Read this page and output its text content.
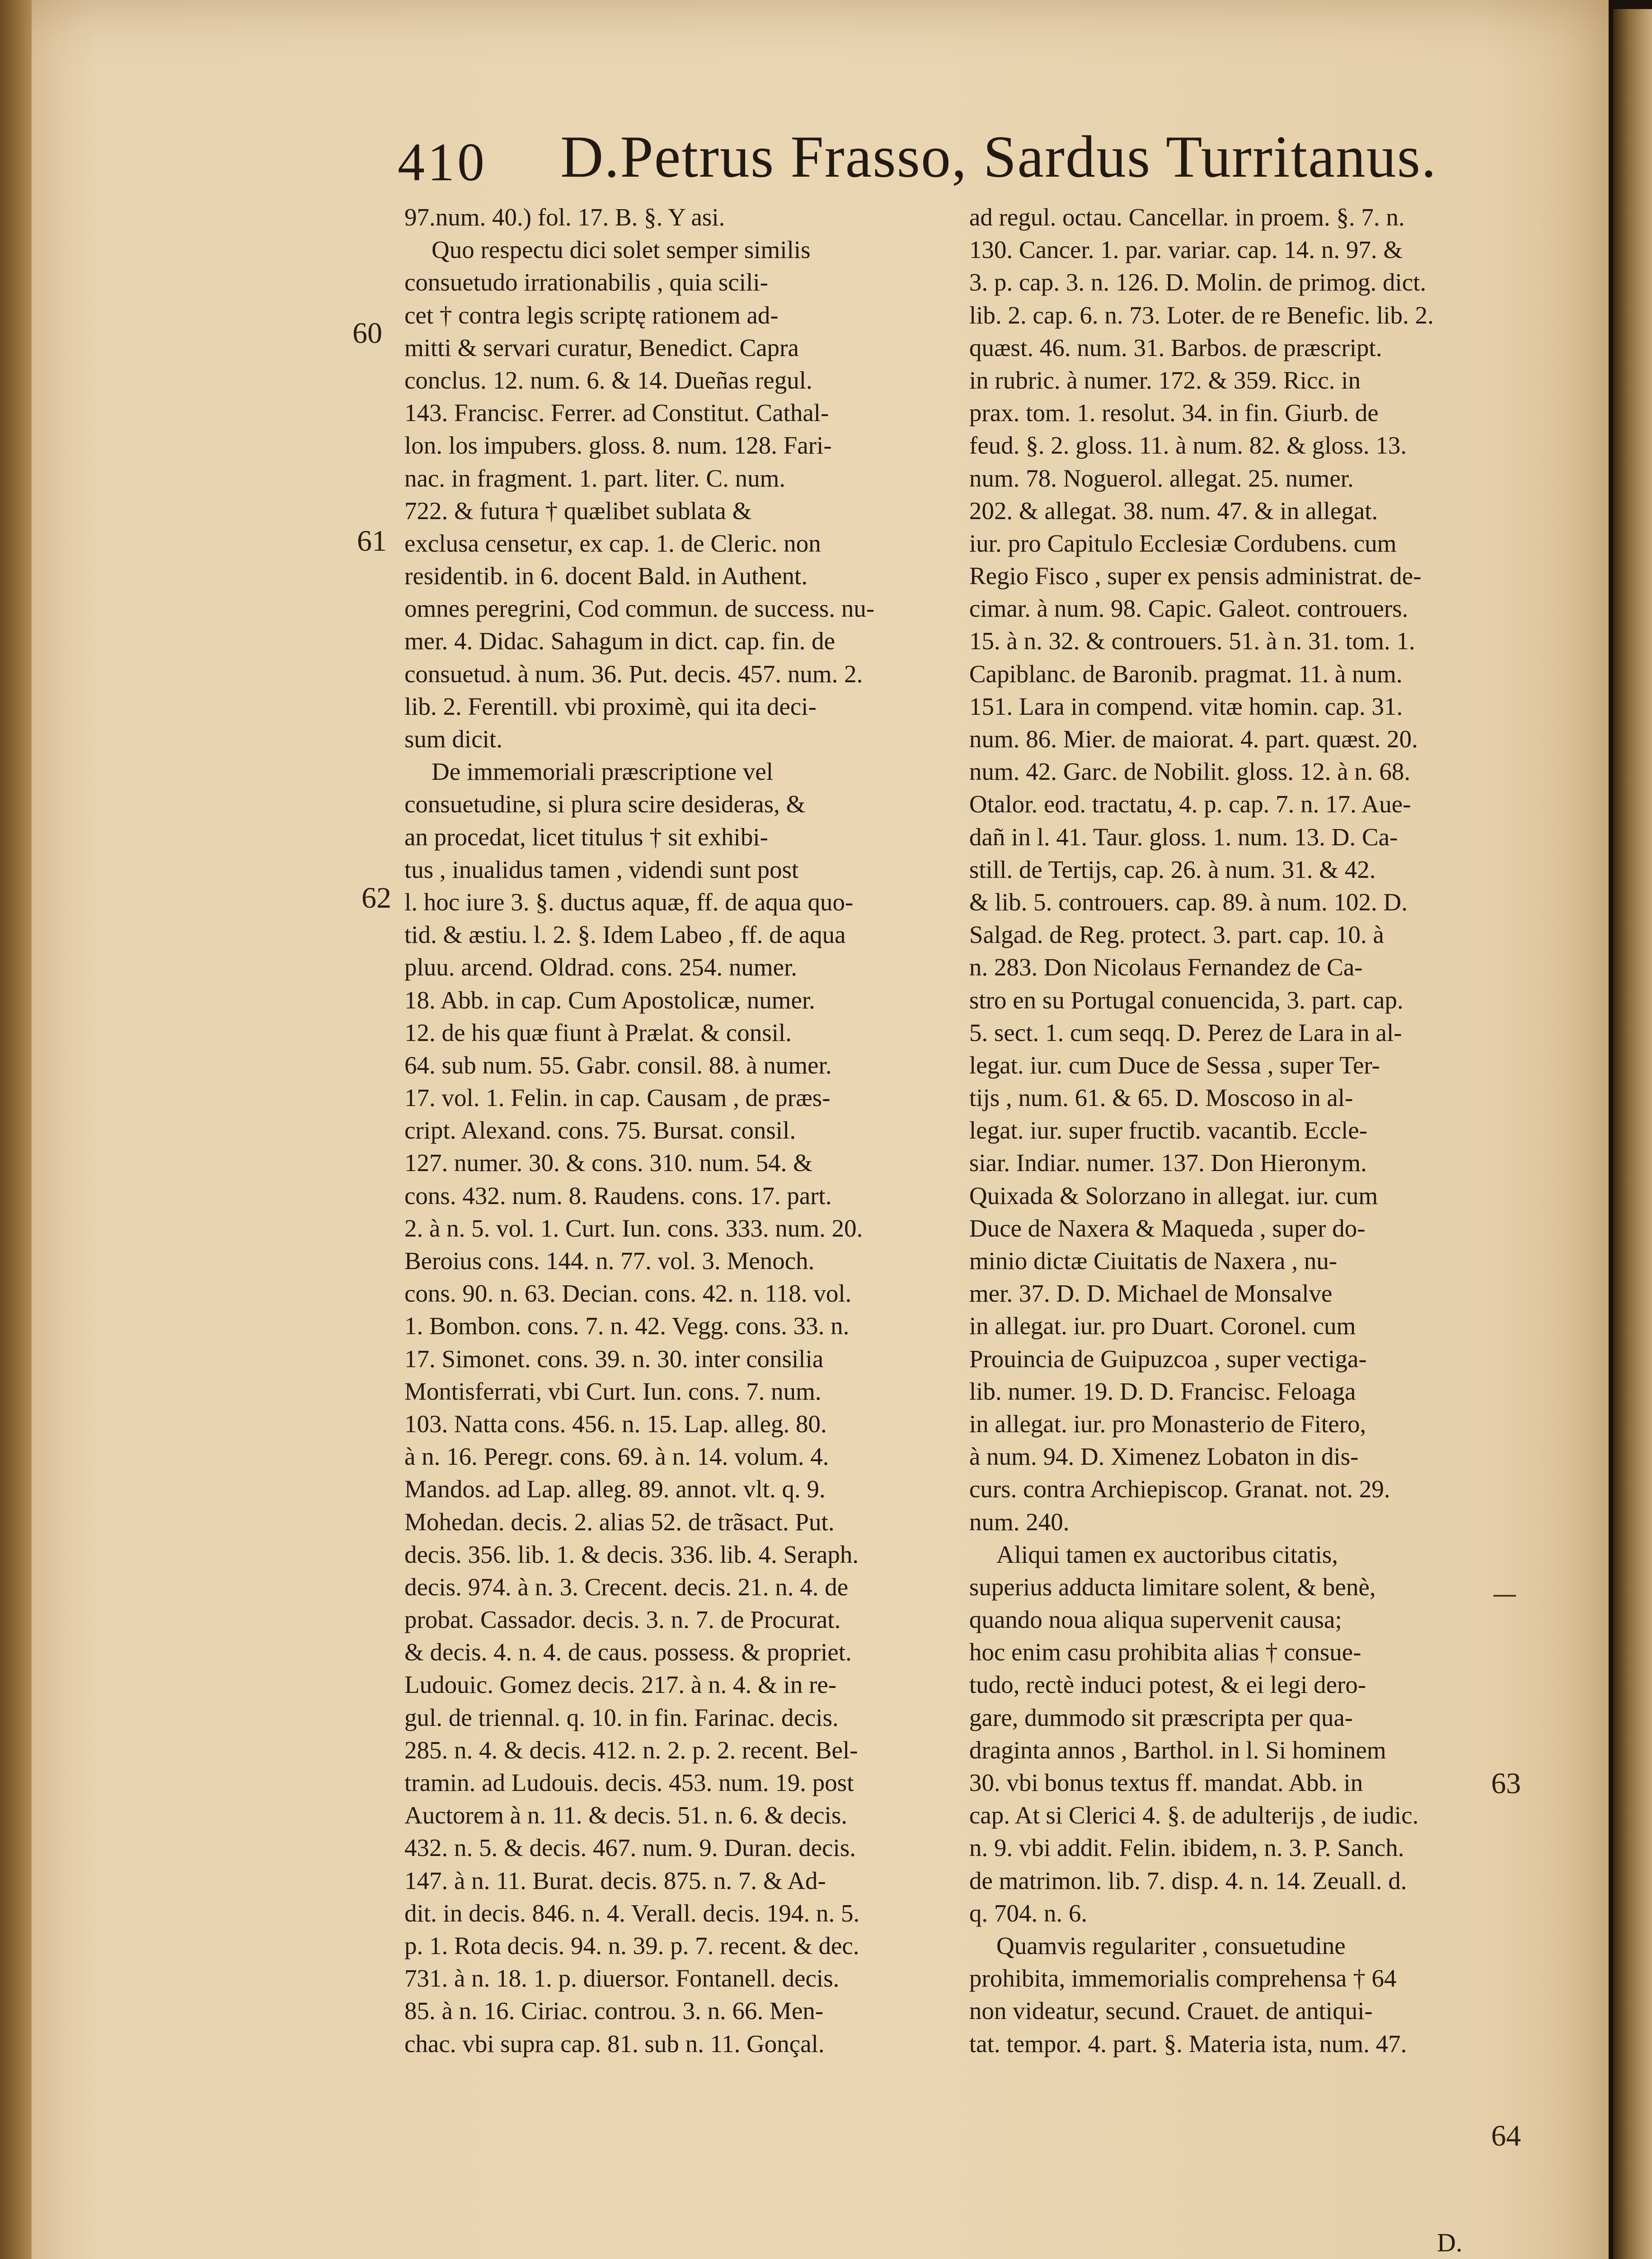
410 D.Petrus Frasso, Sardus Turritanus.
60
61
62
63
64
97.num. 40.) fol. 17. B. §. Y asi.
Quo respectu dici solet semper similis
consuetudo irrationabilis , quia scili-
cet † contra legis scriptę rationem ad-
mitti & servari curatur, Benedict. Capra
conclus. 12. num. 6. & 14. Dueñas regul.
143. Francisc. Ferrer. ad Constitut. Cathal-
lon. los impubers. gloss. 8. num. 128. Fari-
nac. in fragment. 1. part. liter. C. num.
722. & futura † quælibet sublata &
exclusa censetur, ex cap. 1. de Cleric. non
residentib. in 6. docent Bald. in Authent.
omnes peregrini, Cod commun. de success. nu-
mer. 4. Didac. Sahagum in dict. cap. fin. de
consuetud. à num. 36. Put. decis. 457. num. 2.
lib. 2. Ferentill. vbi proximè, qui ita deci-
sum dicit.
De immemoriali præscriptione vel
consuetudine, si plura scire desideras, &
an procedat, licet titulus † sit exhibi-
tus , inualidus tamen , videndi sunt post
l. hoc iure 3. §. ductus aquæ, ff. de aqua quo-
tid. & æstiu. l. 2. §. Idem Labeo , ff. de aqua
pluu. arcend. Oldrad. cons. 254. numer.
18. Abb. in cap. Cum Apostolicæ, numer.
12. de his quæ fiunt à Prælat. & consil.
64. sub num. 55. Gabr. consil. 88. à numer.
17. vol. 1. Felin. in cap. Causam , de præs-
cript. Alexand. cons. 75. Bursat. consil.
127. numer. 30. & cons. 310. num. 54. &
cons. 432. num. 8. Raudens. cons. 17. part.
2. à n. 5. vol. 1. Curt. Iun. cons. 333. num. 20.
Beroius cons. 144. n. 77. vol. 3. Menoch.
cons. 90. n. 63. Decian. cons. 42. n. 118. vol.
1. Bombon. cons. 7. n. 42. Vegg. cons. 33. n.
17. Simonet. cons. 39. n. 30. inter consilia
Montisferrati, vbi Curt. Iun. cons. 7. num.
103. Natta cons. 456. n. 15. Lap. alleg. 80.
à n. 16. Peregr. cons. 69. à n. 14. volum. 4.
Mandos. ad Lap. alleg. 89. annot. vlt. q. 9.
Mohedan. decis. 2. alias 52. de trãsact. Put.
decis. 356. lib. 1. & decis. 336. lib. 4. Seraph.
decis. 974. à n. 3. Crecent. decis. 21. n. 4. de
probat. Cassador. decis. 3. n. 7. de Procurat.
& decis. 4. n. 4. de caus. possess. & propriet.
Ludouic. Gomez decis. 217. à n. 4. & in re-
gul. de triennal. q. 10. in fin. Farinac. decis.
285. n. 4. & decis. 412. n. 2. p. 2. recent. Bel-
tramin. ad Ludouis. decis. 453. num. 19. post
Auctorem à n. 11. & decis. 51. n. 6. & decis.
432. n. 5. & decis. 467. num. 9. Duran. decis.
147. à n. 11. Burat. decis. 875. n. 7. & Ad-
dit. in decis. 846. n. 4. Verall. decis. 194. n. 5.
p. 1. Rota decis. 94. n. 39. p. 7. recent. & dec.
731. à n. 18. 1. p. diuersor. Fontanell. decis.
85. à n. 16. Ciriac. controu. 3. n. 66. Men-
chac. vbi supra cap. 81. sub n. 11. Gonçal.
ad regul. octau. Cancellar. in proem. §. 7. n.
130. Cancer. 1. par. variar. cap. 14. n. 97. &
3. p. cap. 3. n. 126. D. Molin. de primog. dict.
lib. 2. cap. 6. n. 73. Loter. de re Benefic. lib. 2.
quæst. 46. num. 31. Barbos. de præscript.
in rubric. à numer. 172. & 359. Ricc. in
prax. tom. 1. resolut. 34. in fin. Giurb. de
feud. §. 2. gloss. 11. à num. 82. & gloss. 13.
num. 78. Noguerol. allegat. 25. numer.
202. & allegat. 38. num. 47. & in allegat.
iur. pro Capitulo Ecclesiæ Cordubens. cum
Regio Fisco , super ex pensis administrat. de-
cimar. à num. 98. Capic. Galeot. controuers.
15. à n. 32. & controuers. 51. à n. 31. tom. 1.
Capiblanc. de Baronib. pragmat. 11. à num.
151. Lara in compend. vitæ homin. cap. 31.
num. 86. Mier. de maiorat. 4. part. quæst. 20.
num. 42. Garc. de Nobilit. gloss. 12. à n. 68.
Otalor. eod. tractatu, 4. p. cap. 7. n. 17. Aue-
dañ in l. 41. Taur. gloss. 1. num. 13. D. Ca-
still. de Tertijs, cap. 26. à num. 31. & 42.
& lib. 5. controuers. cap. 89. à num. 102. D.
Salgad. de Reg. protect. 3. part. cap. 10. à
n. 283. Don Nicolaus Fernandez de Ca-
stro en su Portugal conuencida, 3. part. cap.
5. sect. 1. cum seqq. D. Perez de Lara in al-
legat. iur. cum Duce de Sessa , super Ter-
tijs , num. 61. & 65. D. Moscoso in al-
legat. iur. super fructib. vacantib. Eccle-
siar. Indiar. numer. 137. Don Hieronym.
Quixada & Solorzano in allegat. iur. cum
Duce de Naxera & Maqueda , super do-
minio dictæ Ciuitatis de Naxera , nu-
mer. 37. D. D. Michael de Monsalve
in allegat. iur. pro Duart. Coronel. cum
Prouincia de Guipuzcoa , super vectiga-
lib. numer. 19. D. D. Francisc. Feloaga
in allegat. iur. pro Monasterio de Fitero,
à num. 94. D. Ximenez Lobaton in dis-
curs. contra Archiepiscop. Granat. not. 29.
num. 240.
Aliqui tamen ex auctoribus citatis,
superius adducta limitare solent, & benè,
quando noua aliqua supervenit causa;
hoc enim casu prohibita alias † consue-
tudo, rectè induci potest, & ei legi dero-
gare, dummodo sit præscripta per qua-
draginta annos , Barthol. in l. Si hominem
30. vbi bonus textus ff. mandat. Abb. in
cap. At si Clerici 4. §. de adulterijs , de iudic.
n. 9. vbi addit. Felin. ibidem, n. 3. P. Sanch.
de matrimon. lib. 7. disp. 4. n. 14. Zeuall. d.
q. 704. n. 6.
Quamvis regulariter , consuetudine
prohibita, immemorialis comprehensa † 64
non videatur, secund. Crauet. de antiqui-
tat. tempor. 4. part. §. Materia ista, num. 47.
D.
